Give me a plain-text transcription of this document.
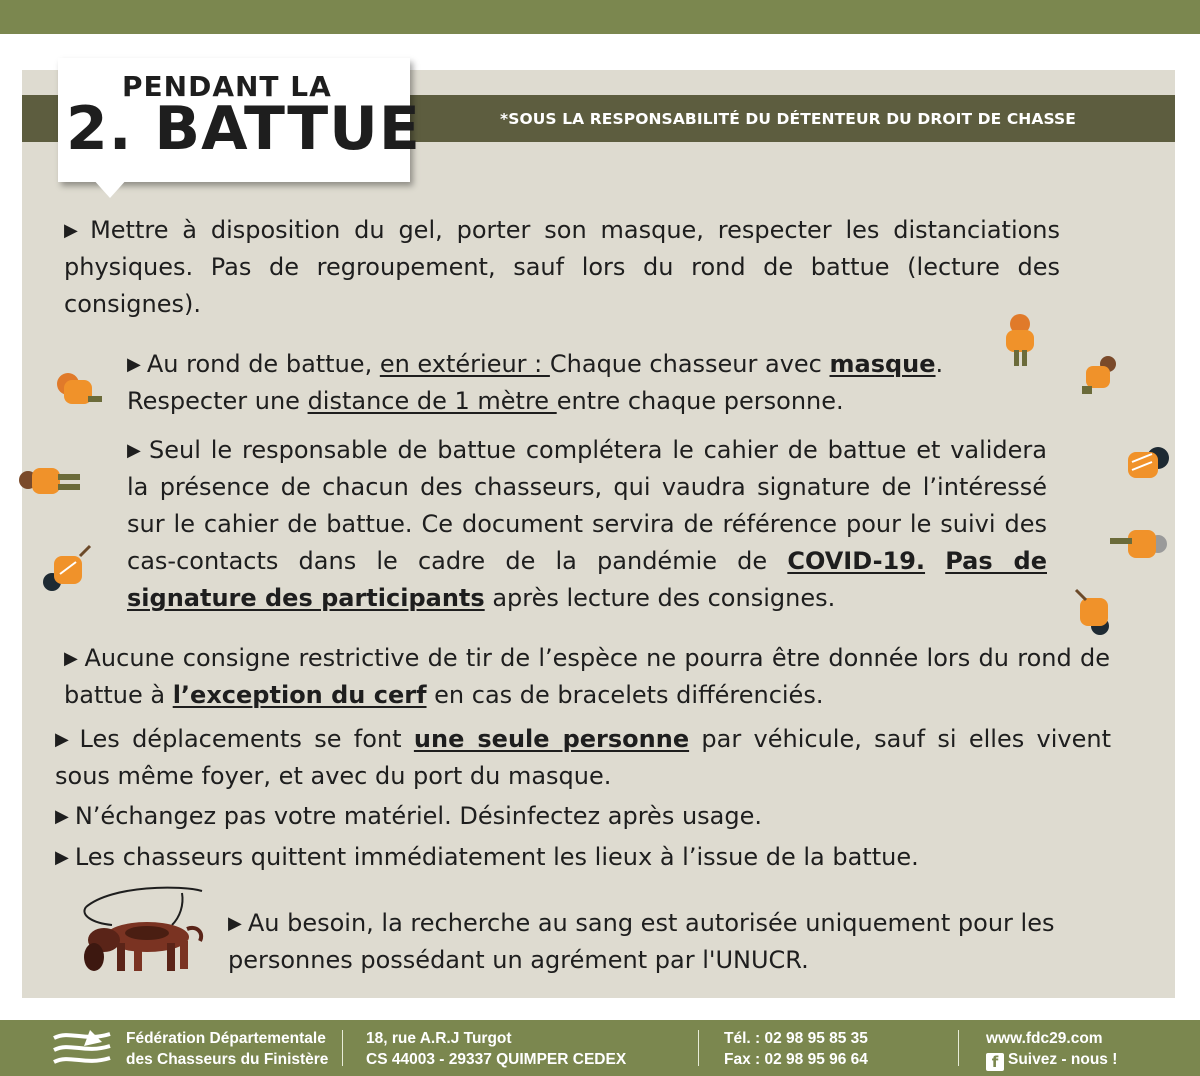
*SOUS LA RESPONSABILITÉ DU DÉTENTEUR DU DROIT DE CHASSE
PENDANT LA
2. BATTUE
▶ Mettre à disposition du gel, porter son masque, respecter les distanciations physiques. Pas de regroupement, sauf lors du rond de battue (lecture des consignes).
▶ Au rond de battue, en extérieur : Chaque chasseur avec masque. Respecter une distance de 1 mètre entre chaque personne.
▶ Seul le responsable de battue complétera le cahier de battue et validera la présence de chacun des chasseurs, qui vaudra signature de l’intéressé sur le cahier de battue. Ce document servira de référence pour le suivi des cas-contacts dans le cadre de la pandémie de COVID-19. Pas de signature des participants après lecture des consignes.
▶ Aucune consigne restrictive de tir de l’espèce ne pourra être donnée lors du rond de battue à l’exception du cerf en cas de bracelets différenciés.
▶ Les déplacements se font une seule personne par véhicule, sauf si elles vivent sous même foyer, et avec du port du masque.
▶ N’échangez pas votre matériel. Désinfectez après usage.
▶ Les chasseurs quittent immédiatement les lieux à l’issue de la battue.
▶ Au besoin, la recherche au sang est autorisée uniquement pour les personnes possédant un agrément par l'UNUCR.
Fédération Départementale
des Chasseurs du Finistère
18, rue A.R.J Turgot
CS 44003 - 29337 QUIMPER CEDEX
Tél. : 02 98 95 85 35
Fax : 02 98 95 96 64
www.fdc29.com
f Suivez - nous !
